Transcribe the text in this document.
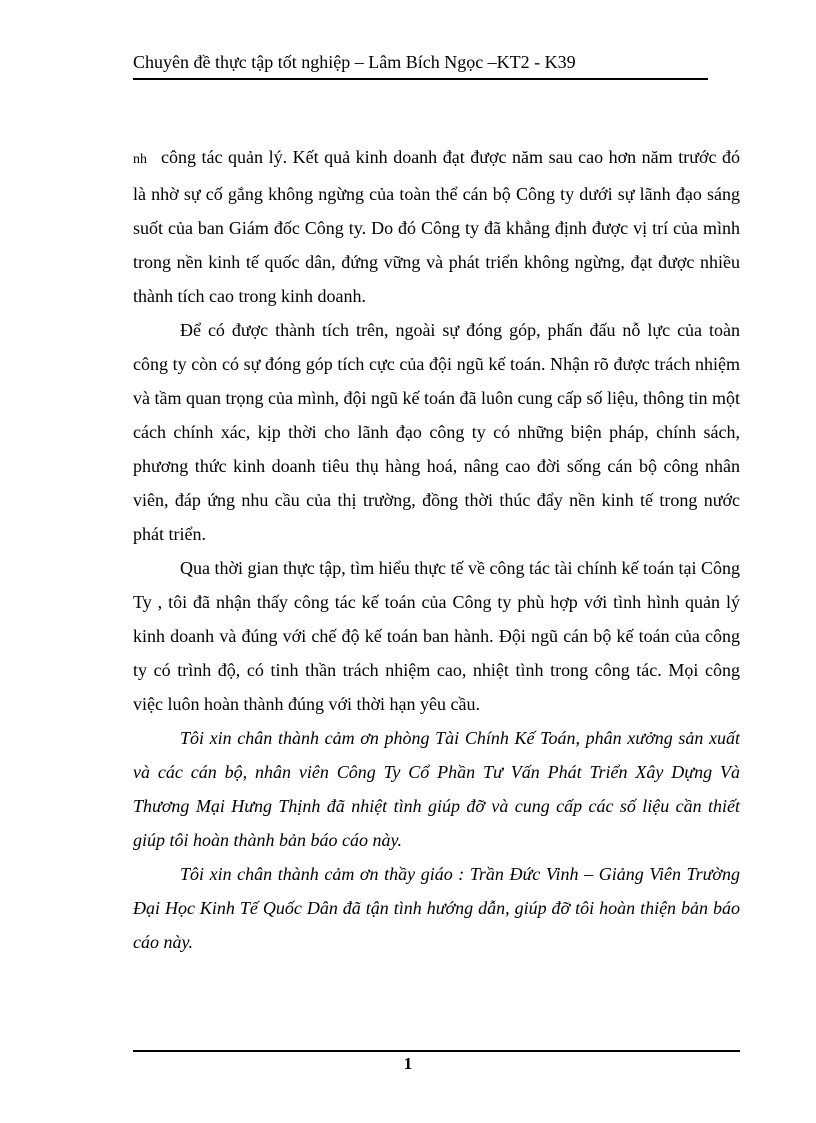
Chuyên đề thực tập tốt nghiệp – Lâm Bích Ngọc –KT2 - K39

nh công tác quản lý. Kết quả kinh doanh đạt được năm sau cao hơn năm trước đó là nhờ sự cố gắng không ngừng của toàn thể cán bộ Công ty dưới sự lãnh đạo sáng suốt của ban Giám đốc Công ty. Do đó Công ty đã khẳng định được vị trí của mình trong nền kinh tế quốc dân, đứng vững và phát triển không ngừng, đạt được nhiều thành tích cao trong kinh doanh.

Để có được thành tích trên, ngoài sự đóng góp, phấn đấu nỗ lực của toàn công ty còn có sự đóng góp tích cực của đội ngũ kế toán. Nhận rõ được trách nhiệm và tầm quan trọng của mình, đội ngũ kế toán đã luôn cung cấp số liệu, thông tin một cách chính xác, kịp thời cho lãnh đạo công ty có những biện pháp, chính sách, phương thức kinh doanh tiêu thụ hàng hoá, nâng cao đời sống cán bộ công nhân viên, đáp ứng nhu cầu của thị trường, đồng thời thúc đẩy nền kinh tế trong nước phát triển.

Qua thời gian thực tập, tìm hiểu thực tế về công tác tài chính kế toán tại Công Ty , tôi đã nhận thấy công tác kế toán của Công ty phù hợp với tình hình quản lý kinh doanh và đúng với chế độ kế toán ban hành. Đội ngũ cán bộ kế toán của công ty có trình độ, có tinh thần trách nhiệm cao, nhiệt tình trong công tác. Mọi công việc luôn hoàn thành đúng với thời hạn yêu cầu.

Tôi xin chân thành cảm ơn phòng Tài Chính Kế Toán, phân xưởng sản xuất và các cán bộ, nhân viên Công Ty Cổ Phần Tư Vấn Phát Triển Xây Dựng Và Thương Mại Hưng Thịnh đã nhiệt tình giúp đỡ và cung cấp các số liệu cần thiết giúp tôi hoàn thành bản báo cáo này.

Tôi xin chân thành cảm ơn thầy giáo : Trần Đức Vinh – Giảng Viên Trường Đại Học Kinh Tế Quốc Dân đã tận tình hướng dẫn, giúp đỡ tôi hoàn thiện bản báo cáo này.

1
